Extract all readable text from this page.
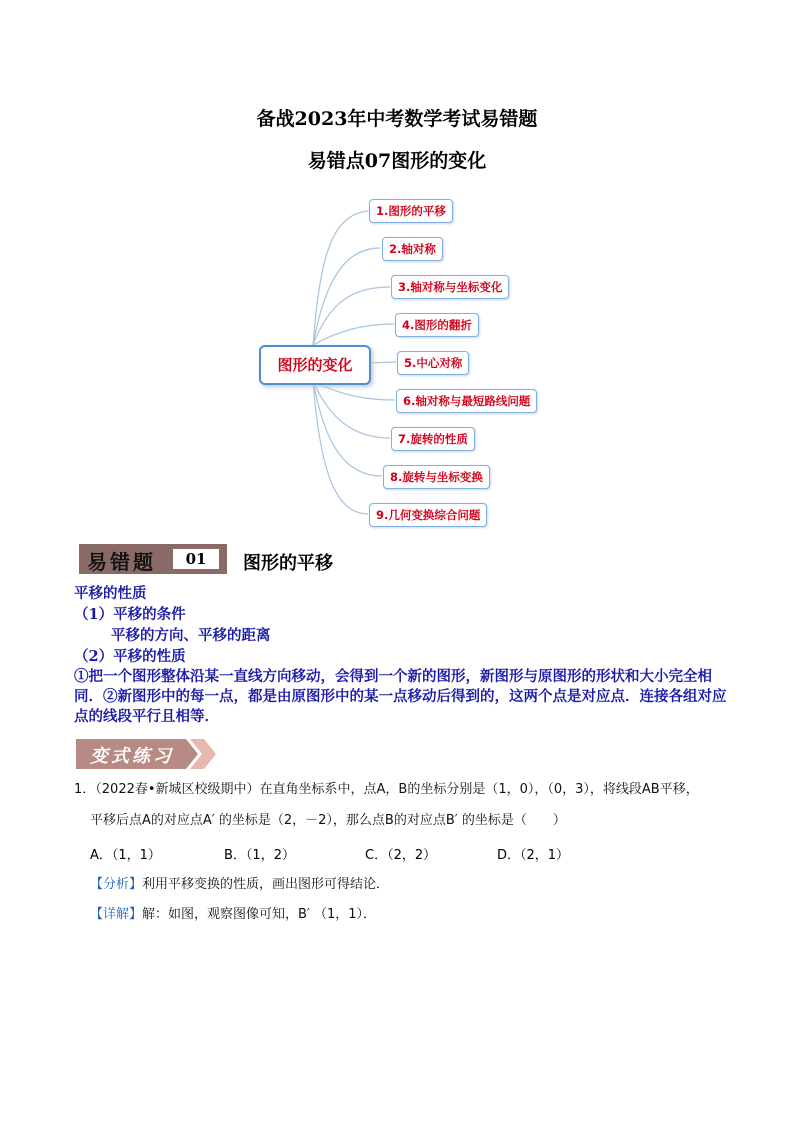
备战2023年中考数学考试易错题
易错点07图形的变化
图形的变化
1.图形的平移
2.轴对称
3.轴对称与坐标变化
4.图形的翻折
5.中心对称
6.轴对称与最短路线问题
7.旋转的性质
8.旋转与坐标变换
9.几何变换综合问题
易错题	01	图形的平移
平移的性质
（1）平移的条件
平移的方向、平移的距离
（2）平移的性质
①把一个图形整体沿某一直线方向移动，会得到一个新的图形，新图形与原图形的形状和大小完全相同．②新图形中的每一点，都是由原图形中的某一点移动后得到的，这两个点是对应点．连接各组对应点的线段平行且相等．
变式练习
1．（2022春•新城区校级期中）在直角坐标系中，点A，B的坐标分别是（1，0），（0，3），将线段AB平移，
平移后点A的对应点A′ 的坐标是（2，－2），那么点B的对应点B′ 的坐标是（　　）
A．（1，1）	B．（1，2）	C．（2，2）	D．（2，1）
【分析】利用平移变换的性质，画出图形可得结论．
【详解】解：如图，观察图像可知，B′ （1，1）．
